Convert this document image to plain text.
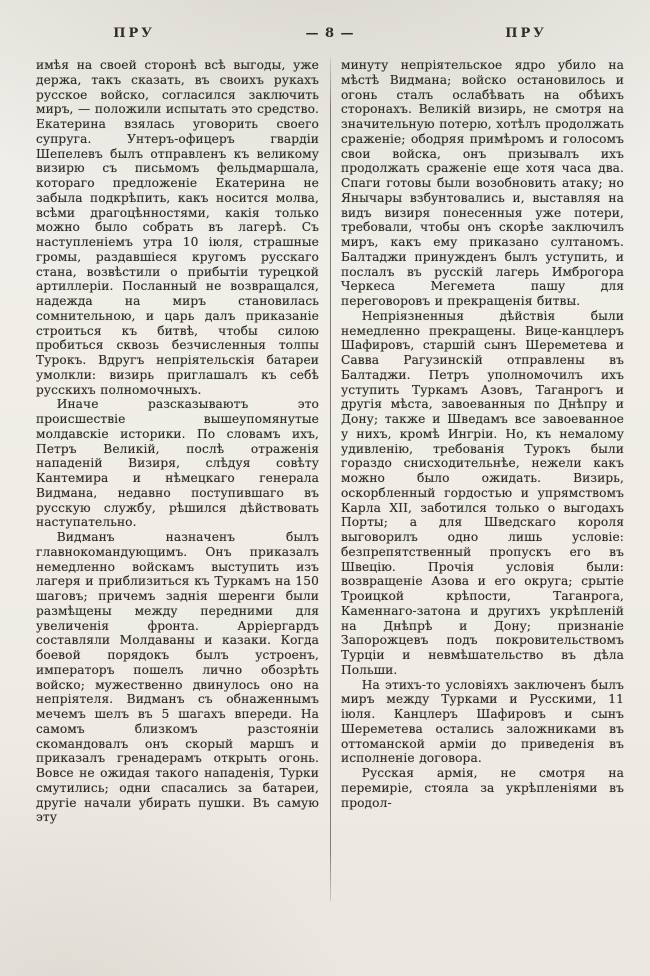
ПРУ	— 8 —	ПРУ

имѣя на своей сторонѣ всѣ выгоды, уже держа, такъ сказать, въ своихъ рукахъ русское войско, согласился заключить миръ, — положили испытать это средство. Екатерина взялась уговорить своего супруга. Унтеръ-офицеръ гвардіи Шепелевъ былъ отправленъ къ великому визирю съ письмомъ фельдмаршала, котораго предложеніе Екатерина не забыла подкрѣпить, какъ носится молва, всѣми драгоцѣнностями, какія только можно было собрать въ лагерѣ. Съ наступленіемъ утра 10 іюля, страшные громы, раздавшіеся кругомъ русскаго стана, возвѣстили о прибытіи турецкой артиллеріи. Посланный не возвращался, надежда на миръ становилась сомнительною, и царь далъ приказаніе строиться къ битвѣ, чтобы силою пробиться сквозь безчисленныя толпы Турокъ. Вдругъ непріятельскія батареи умолкли: визирь приглашалъ къ себѣ русскихъ полномочныхъ.

Иначе разсказываютъ это происшествіе вышеупомянутые молдавскіе историки. По словамъ ихъ, Петръ Великій, послѣ отраженія нападеній Визиря, слѣдуя совѣту Кантемира и нѣмецкаго генерала Видмана, недавно поступившаго въ русскую службу, рѣшился дѣйствовать наступательно.

Видманъ назначенъ былъ главнокомандующимъ. Онъ приказалъ немедленно войскамъ выступить изъ лагеря и приблизиться къ Туркамъ на 150 шаговъ; причемъ заднія шеренги были размѣщены между передними для увеличенія фронта. Арріергардъ составляли Молдаваны и казаки. Когда боевой порядокъ былъ устроенъ, императоръ пошелъ лично обозрѣть войско; мужественно двинулось оно на непріятеля. Видманъ съ обнаженнымъ мечемъ шелъ въ 5 шагахъ впереди. На самомъ близкомъ разстояніи скомандовалъ онъ скорый маршъ и приказалъ гренадерамъ открыть огонь. Вовсе не ожидая такого нападенія, Турки смутились; одни спасались за батареи, другіе начали убирать пушки. Въ самую эту

минуту непріятельское ядро убило на мѣстѣ Видмана; войско остановилось и огонь сталъ ослабѣвать на обѣихъ сторонахъ. Великій визирь, не смотря на значительную потерю, хотѣлъ продолжать сраженіе; ободряя примѣромъ и голосомъ свои войска, онъ призывалъ ихъ продолжать сраженіе еще хотя часа два. Спаги готовы были возобновить атаку; но Янычары взбунтовались и, выставляя на видъ визиря понесенныя уже потери, требовали, чтобы онъ скорѣе заключилъ миръ, какъ ему приказано султаномъ. Балтаджи принужденъ былъ уступить, и послалъ въ русскій лагерь Имброгора Черкеса Мегемета пашу для переговоровъ и прекращенія битвы.

Непріязненныя дѣйствія были немедленно прекращены. Вице-канцлеръ Шафировъ, старшій сынъ Шереметева и Савва Рагузинскій отправлены въ Балтаджи. Петръ уполномочилъ ихъ уступить Туркамъ Азовъ, Таганрогъ и другія мѣста, завоеванныя по Днѣпру и Дону; также и Шведамъ все завоеванное у нихъ, кромѣ Ингріи. Но, къ немалому удивленію, требованія Турокъ были гораздо снисходительнѣе, нежели какъ можно было ожидать. Визирь, оскорбленный гордостью и упрямствомъ Карла XII, заботился только о выгодахъ Порты; а для Шведскаго короля выговорилъ одно лишь условіе: безпрепятственный пропускъ его въ Швецію. Прочія условія были: возвращеніе Азова и его округа; срытіе Троицкой крѣпости, Таганрога, Каменнаго-затона и другихъ укрѣпленій на Днѣпрѣ и Дону; признаніе Запорожцевъ подъ покровительствомъ Турціи и невмѣшательство въ дѣла Польши.

На этихъ-то условіяхъ заключенъ былъ миръ между Турками и Русскими, 11 іюля. Канцлеръ Шафировъ и сынъ Шереметева остались заложниками въ оттоманской арміи до приведенія въ исполненіе договора.

Русская армія, не смотря на перемиріе, стояла за укрѣпленіями въ продол-
